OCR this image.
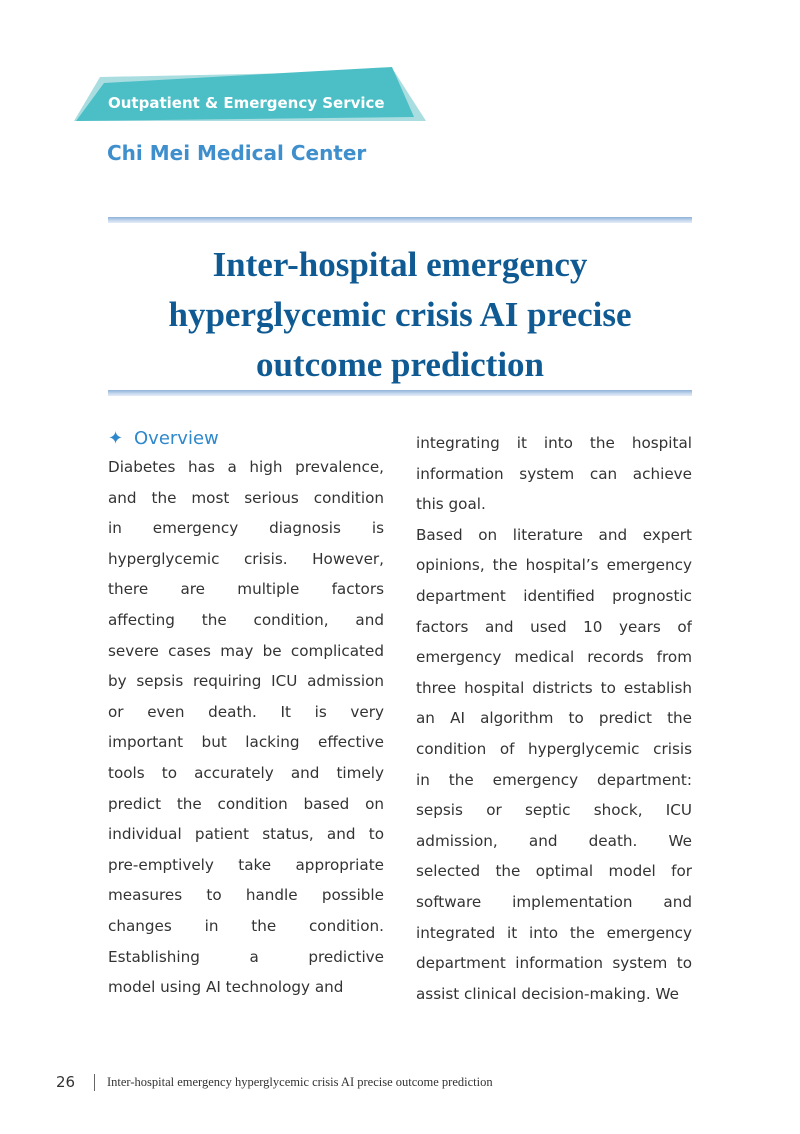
Outpatient & Emergency Service
Chi Mei Medical Center
Inter-hospital emergency
hyperglycemic crisis AI precise
outcome prediction
✦ Overview
Diabetes has a high prevalence,
and the most serious condition
in emergency diagnosis is
hyperglycemic crisis. However,
there are multiple factors
affecting the condition, and
severe cases may be complicated
by sepsis requiring ICU admission
or even death. It is very
important but lacking effective
tools to accurately and timely
predict the condition based on
individual patient status, and to
pre-emptively take appropriate
measures to handle possible
changes in the condition.
Establishing a predictive
model using AI technology and
integrating it into the hospital
information system can achieve
this goal.
Based on literature and expert
opinions, the hospital’s emergency
department identified prognostic
factors and used 10 years of
emergency medical records from
three hospital districts to establish
an AI algorithm to predict the
condition of hyperglycemic crisis
in the emergency department:
sepsis or septic shock, ICU
admission, and death. We
selected the optimal model for
software implementation and
integrated it into the emergency
department information system to
assist clinical decision-making. We
26	Inter-hospital emergency hyperglycemic crisis AI precise outcome prediction
